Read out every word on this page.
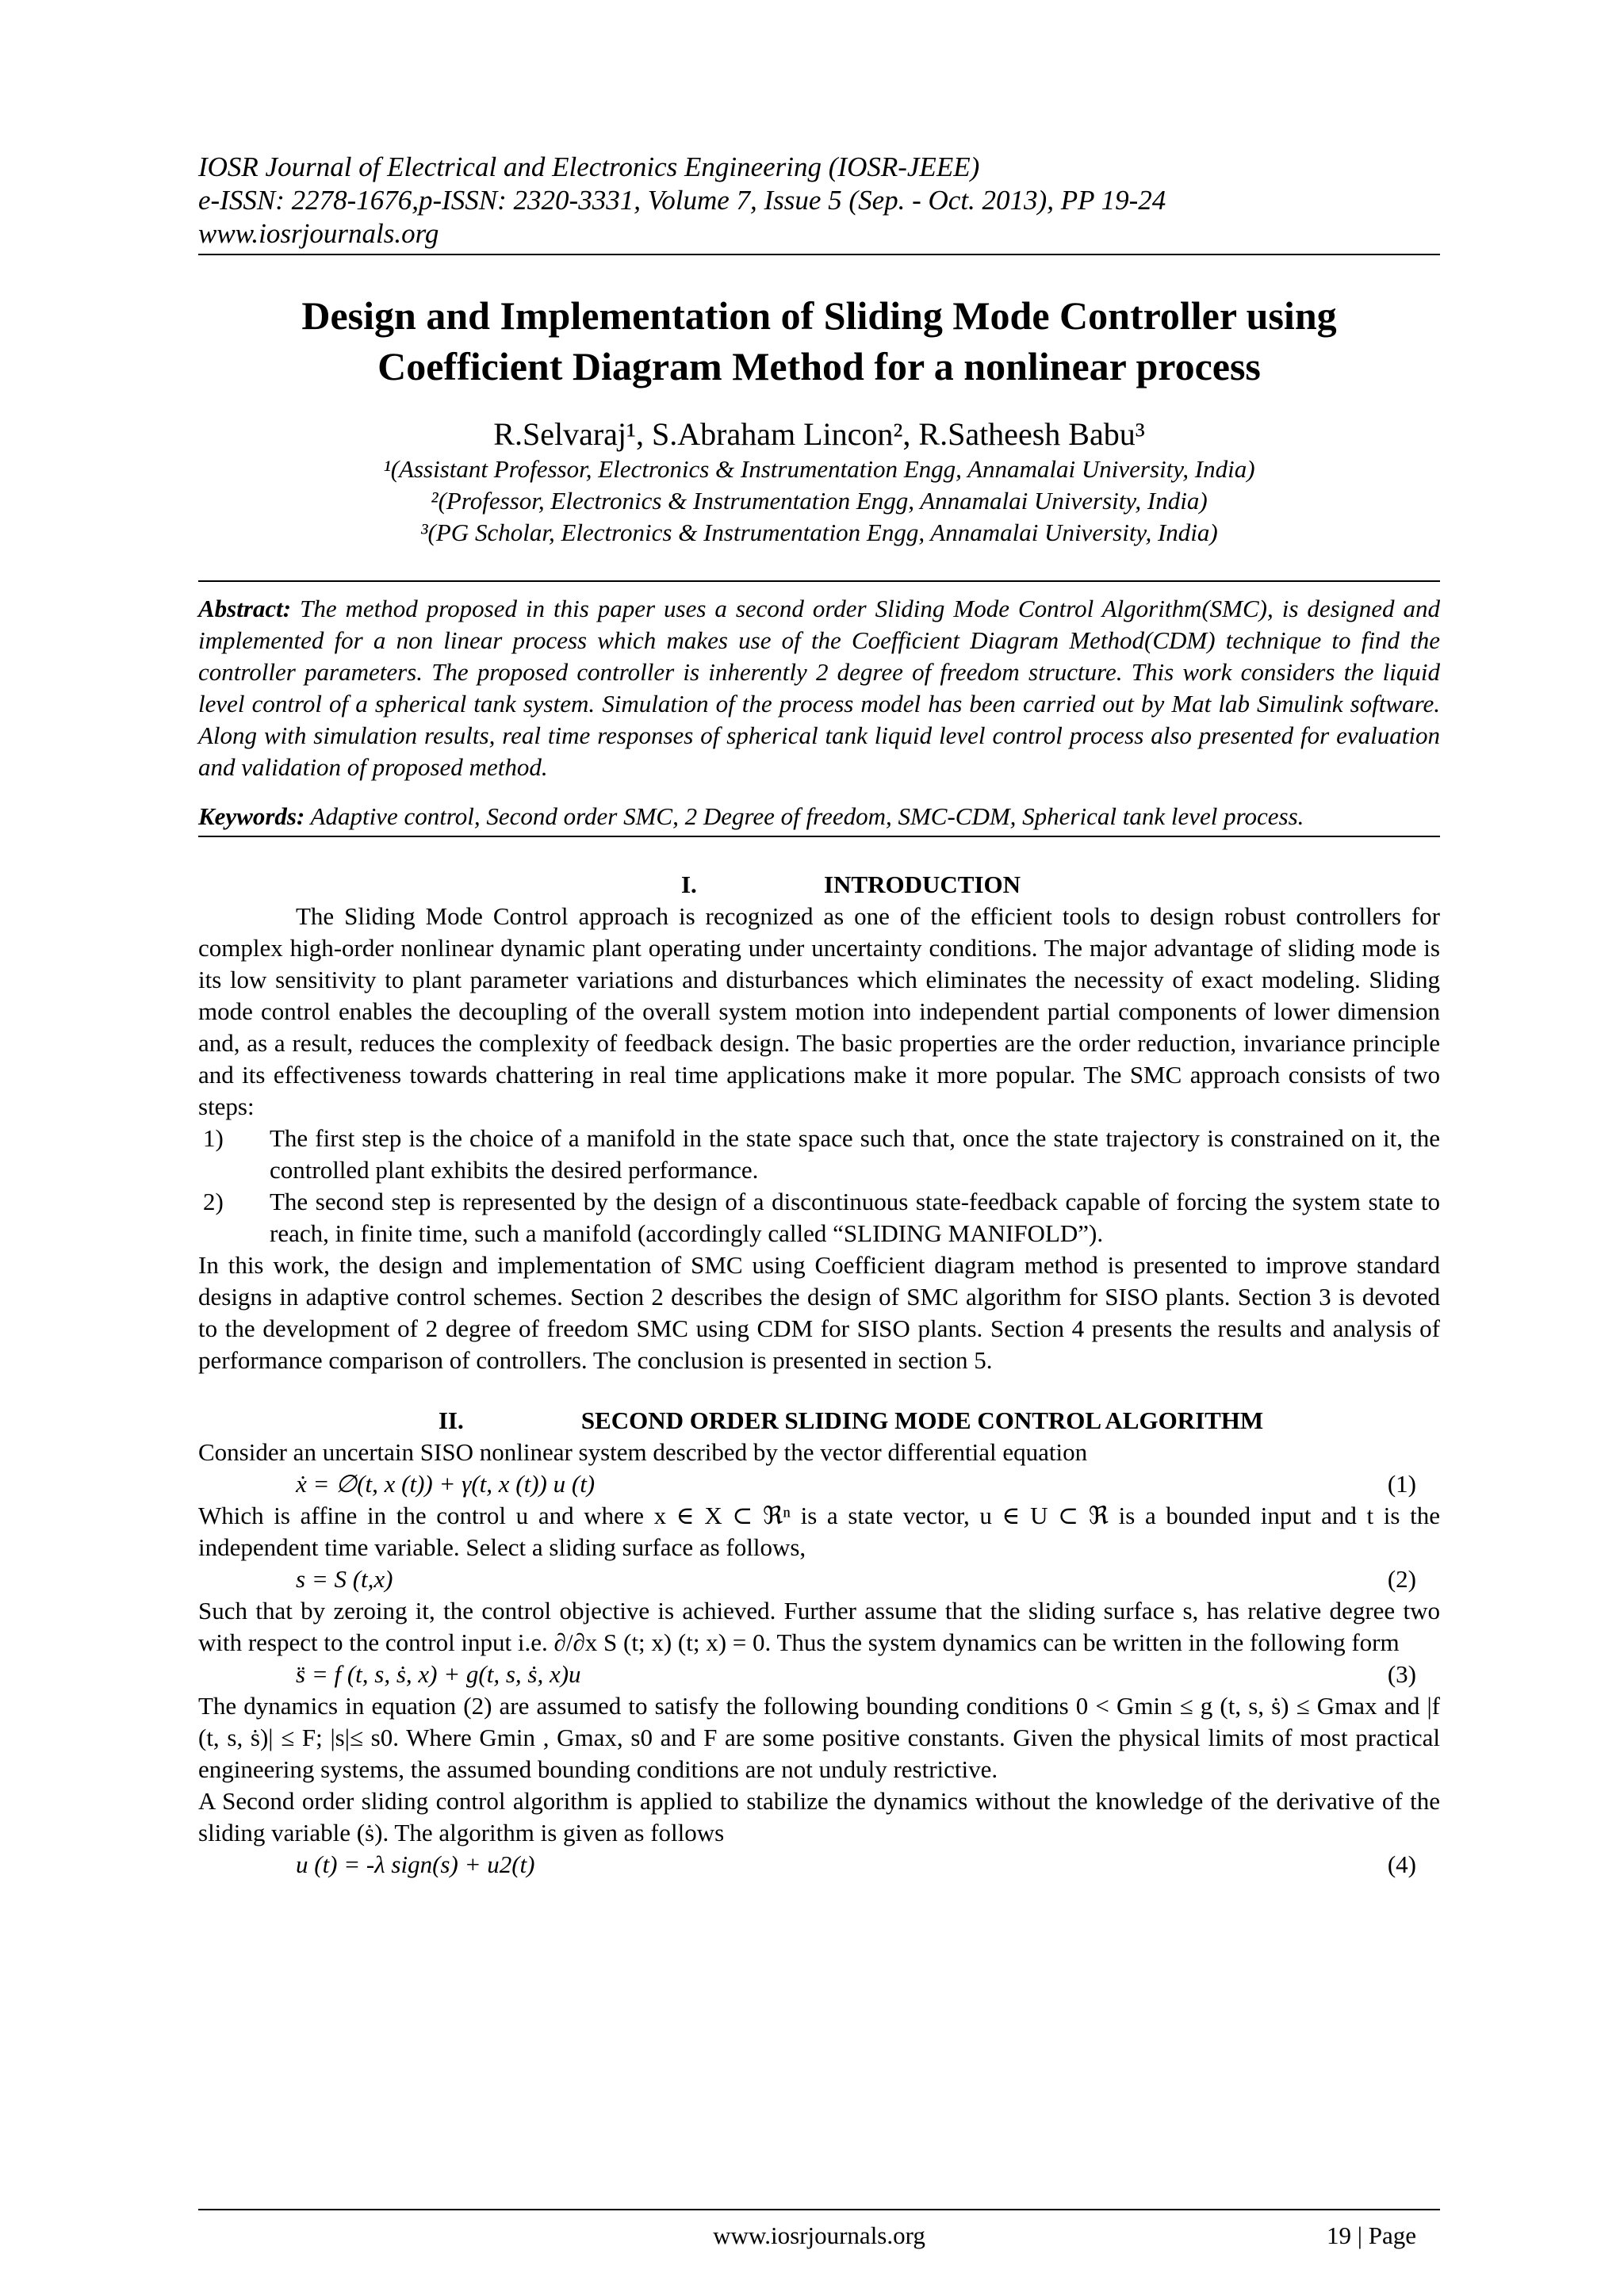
IOSR Journal of Electrical and Electronics Engineering (IOSR-JEEE)
e-ISSN: 2278-1676,p-ISSN: 2320-3331, Volume 7, Issue 5 (Sep. - Oct. 2013), PP 19-24
www.iosrjournals.org
Design and Implementation of Sliding Mode Controller using
Coefficient Diagram Method for a nonlinear process
R.Selvaraj¹, S.Abraham Lincon², R.Satheesh Babu³
¹(Assistant Professor, Electronics & Instrumentation Engg, Annamalai University, India)
²(Professor, Electronics & Instrumentation Engg, Annamalai University, India)
³(PG Scholar, Electronics & Instrumentation Engg, Annamalai University, India)
Abstract: The method proposed in this paper uses a second order Sliding Mode Control Algorithm(SMC), is designed and implemented for a non linear process which makes use of the Coefficient Diagram Method(CDM) technique to find the controller parameters. The proposed controller is inherently 2 degree of freedom structure. This work considers the liquid level control of a spherical tank system. Simulation of the process model has been carried out by Mat lab Simulink software. Along with simulation results, real time responses of spherical tank liquid level control process also presented for evaluation and validation of proposed method.
Keywords: Adaptive control, Second order SMC, 2 Degree of freedom, SMC-CDM, Spherical tank level process.
I.	INTRODUCTION
The Sliding Mode Control approach is recognized as one of the efficient tools to design robust controllers for complex high-order nonlinear dynamic plant operating under uncertainty conditions. The major advantage of sliding mode is its low sensitivity to plant parameter variations and disturbances which eliminates the necessity of exact modeling. Sliding mode control enables the decoupling of the overall system motion into independent partial components of lower dimension and, as a result, reduces the complexity of feedback design. The basic properties are the order reduction, invariance principle and its effectiveness towards chattering in real time applications make it more popular. The SMC approach consists of two steps:
1) The first step is the choice of a manifold in the state space such that, once the state trajectory is constrained on it, the controlled plant exhibits the desired performance.
2) The second step is represented by the design of a discontinuous state-feedback capable of forcing the system state to reach, in finite time, such a manifold (accordingly called “SLIDING MANIFOLD”).
In this work, the design and implementation of SMC using Coefficient diagram method is presented to improve standard designs in adaptive control schemes. Section 2 describes the design of SMC algorithm for SISO plants. Section 3 is devoted to the development of 2 degree of freedom SMC using CDM for SISO plants. Section 4 presents the results and analysis of performance comparison of controllers. The conclusion is presented in section 5.
II.	SECOND ORDER SLIDING MODE CONTROL ALGORITHM
Consider an uncertain SISO nonlinear system described by the vector differential equation
ẋ = ∅(t, x (t)) + γ(t, x (t)) u (t)	(1)
Which is affine in the control u and where x ∈ X ⊂ ℜⁿ is a state vector, u ∈ U ⊂ ℜ is a bounded input and t is the independent time variable. Select a sliding surface as follows,
s = S (t,x)	(2)
Such that by zeroing it, the control objective is achieved. Further assume that the sliding surface s, has relative degree two with respect to the control input i.e. ∂/∂x S (t; x) (t; x) = 0. Thus the system dynamics can be written in the following form
s̈ = f (t, s, ṡ, x) + g(t, s, ṡ, x)u	(3)
The dynamics in equation (2) are assumed to satisfy the following bounding conditions 0 < Gmin ≤ g (t, s, ṡ) ≤ Gmax and |f (t, s, ṡ)| ≤ F; |s|≤ s0. Where Gmin , Gmax, s0 and F are some positive constants. Given the physical limits of most practical engineering systems, the assumed bounding conditions are not unduly restrictive.
A Second order sliding control algorithm is applied to stabilize the dynamics without the knowledge of the derivative of the sliding variable (ṡ). The algorithm is given as follows
u (t) = -λ sign(s) + u2(t)	(4)
www.iosrjournals.org	19 | Page
